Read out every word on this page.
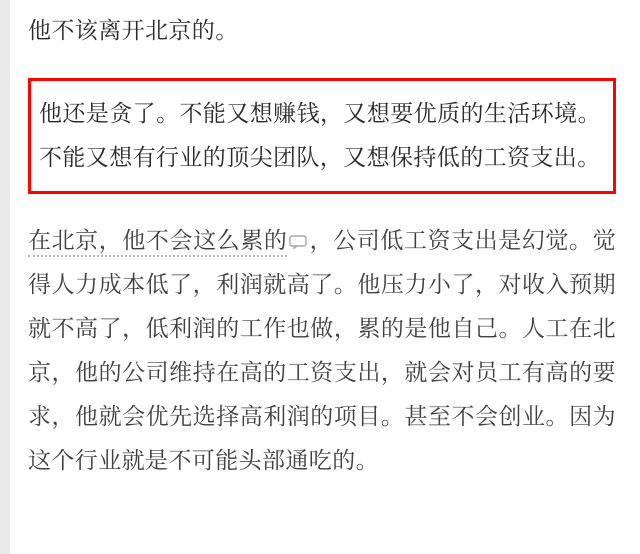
他不该离开北京的。

他还是贪了。不能又想赚钱，又想要优质的生活环境。不能又想有行业的顶尖团队，又想保持低的工资支出。

在北京，他不会这么累的 ，公司低工资支出是幻觉。觉得人力成本低了，利润就高了。他压力小了，对收入预期就不高了，低利润的工作也做，累的是他自己。人工在北京，他的公司维持在高的工资支出，就会对员工有高的要求，他就会优先选择高利润的项目。甚至不会创业。因为这个行业就是不可能头部通吃的。
